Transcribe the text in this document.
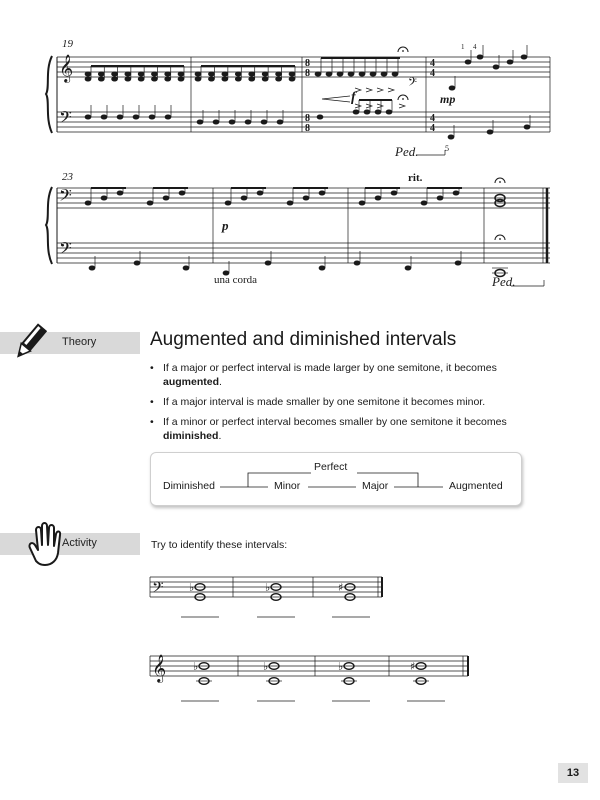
𝄞
𝄢
8
8
8
8
4
4
4
4
𝄢
19
f	mp
Ped.	5
1 4
𝄢
𝄢
23	rit.
p
una corda	Ped.
Theory	Augmented and diminished intervals
• If a major or perfect interval is made larger by one semitone, it becomes augmented.
• If a major interval is made smaller by one semitone it becomes minor.
• If a minor or perfect interval becomes smaller by one semitone it becomes diminished.
Perfect
Diminished	Minor	Major	Augmented
Activity	Try to identify these intervals:
𝄢
𝄞
♭	♭	♯
♭	♭	♭	♯
13
